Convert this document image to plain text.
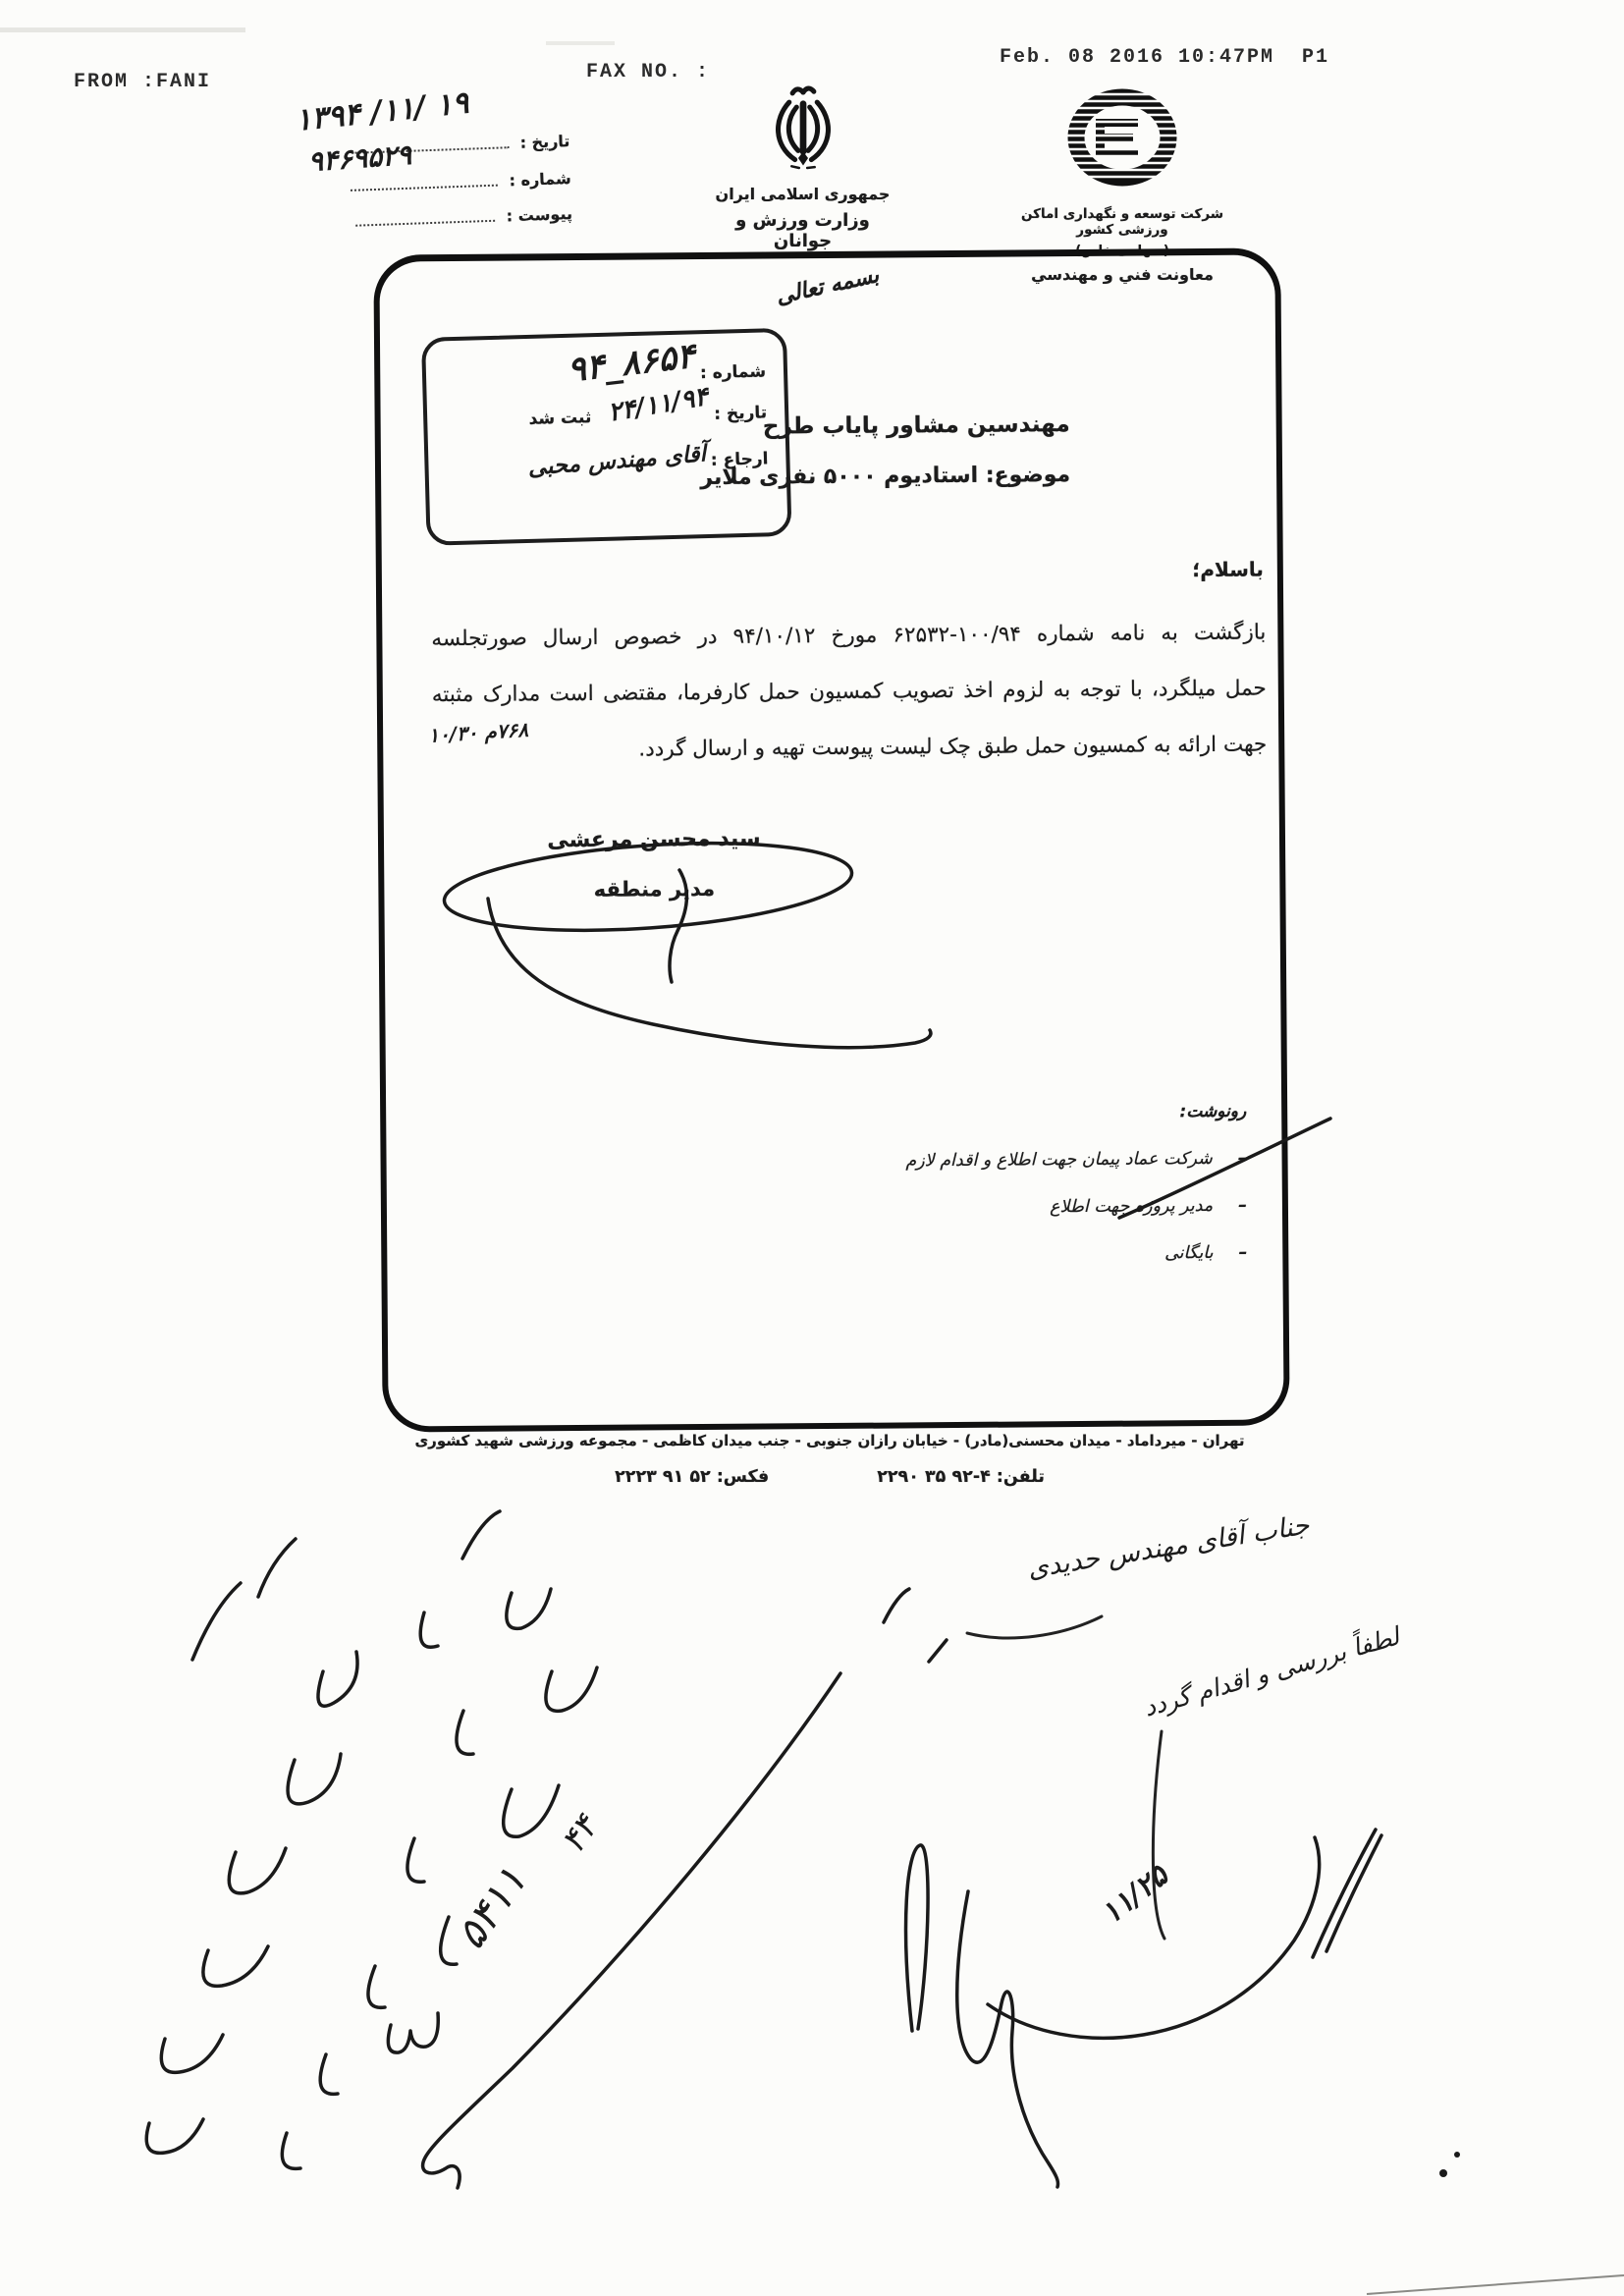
FROM :FANI	FAX NO. :
Feb. 08 2016 10:47PM  P1
تاریخ :
شماره :
پیوست :
۱۳۹۴ /۱۱/ ۱۹
۹۴۶۹۵۲۹
جمهوری اسلامی ایران
وزارت ورزش و جوانان
شرکت توسعه و نگهداری اماکن ورزشی کشور
(سهامی خاص)
معاونت فني و مهندسي
بسمه تعالی
شماره : ۹۴_۸۶۵۴
تاریخ : ۲۴/۱۱/۹۴ ثبت شد
ارجاع : آقای مهندس محبی
مهندسین مشاور پایاب طرح
موضوع: استادیوم ۵۰۰۰ نفری ملایر
باسلام؛
بازگشت به نامه شماره ۱۰۰/۹۴-۶۲۵۳۲ مورخ ۹۴/۱۰/۱۲ در خصوص ارسال صورتجلسه
حمل میلگرد، با توجه به لزوم اخذ تصویب کمسیون حمل کارفرما، مقتضی است مدارک مثبته
جهت ارائه به کمسیون حمل طبق چک لیست پیوست تهیه و ارسال گردد.
۷۶۸م ۱۰/۳۰
سید محسن مرعشی
مدیر منطقه
رونوشت:
–شرکت عماد پیمان جهت اطلاع و اقدام لازم
–مدیر پروژه جهت اطلاع
–بایگانی
تهران - میرداماد - میدان محسنی(مادر) - خیابان رازان جنوبی - جنب میدان کاظمی - مجموعه ورزشی شهید کشوری
تلفن: ۲۲۹۰ ۳۵ ۹۲-۴
فکس: ۲۲۲۳ ۹۱ ۵۲
جناب آقای مهندس حدیدی
لطفاً بررسی و اقدام گردد
۱۱/۲۵
۵۴۱۱
۴۴
